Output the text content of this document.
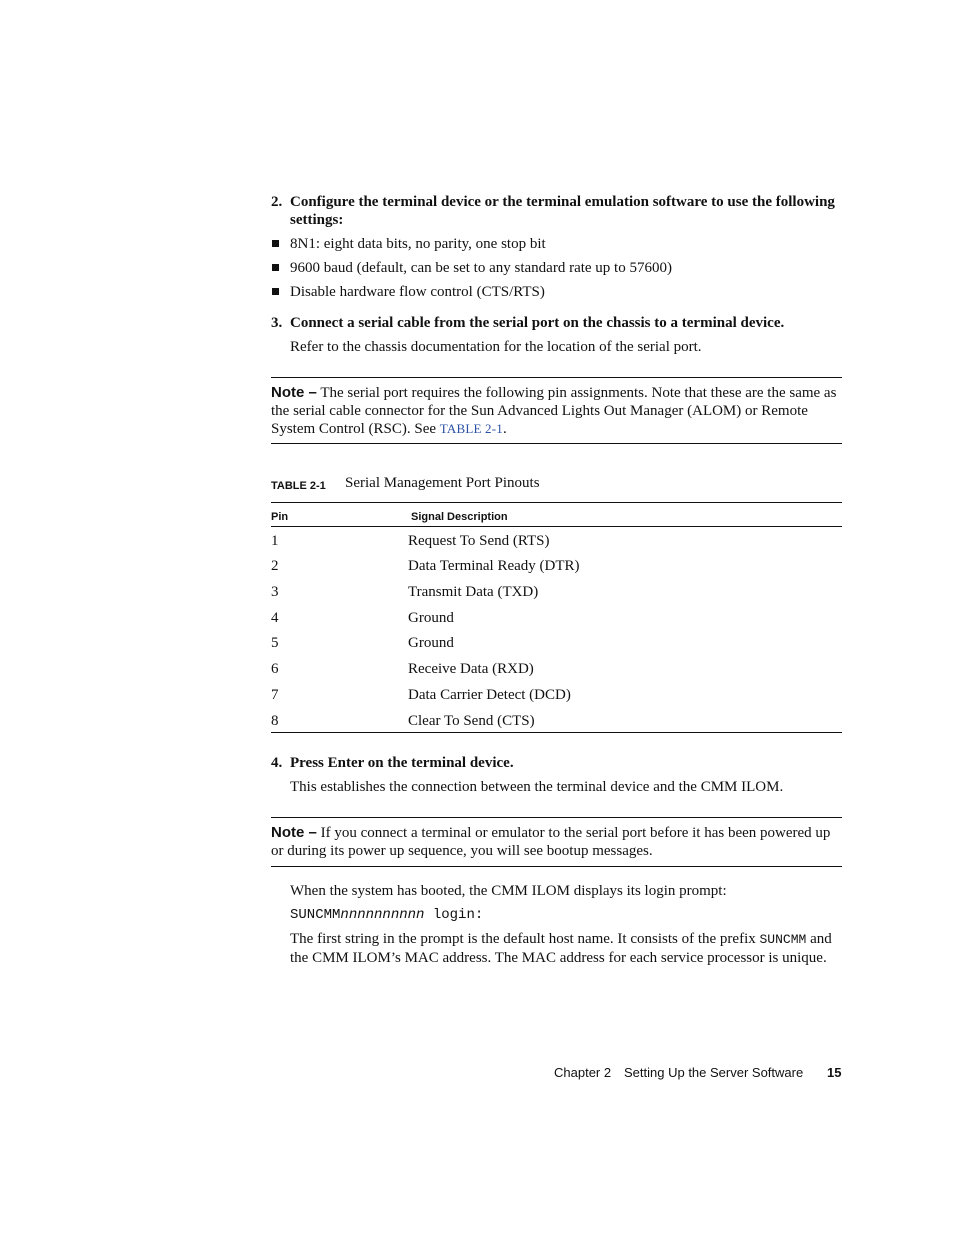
2. Configure the terminal device or the terminal emulation software to use the following settings:
8N1: eight data bits, no parity, one stop bit
9600 baud (default, can be set to any standard rate up to 57600)
Disable hardware flow control (CTS/RTS)
3. Connect a serial cable from the serial port on the chassis to a terminal device.
Refer to the chassis documentation for the location of the serial port.
Note – The serial port requires the following pin assignments. Note that these are the same as the serial cable connector for the Sun Advanced Lights Out Manager (ALOM) or Remote System Control (RSC). See TABLE 2-1.
TABLE 2-1 Serial Management Port Pinouts
Pin	Signal Description
1	Request To Send (RTS)
2	Data Terminal Ready (DTR)
3	Transmit Data (TXD)
4	Ground
5	Ground
6	Receive Data (RXD)
7	Data Carrier Detect (DCD)
8	Clear To Send (CTS)
4. Press Enter on the terminal device.
This establishes the connection between the terminal device and the CMM ILOM.
Note – If you connect a terminal or emulator to the serial port before it has been powered up or during its power up sequence, you will see bootup messages.
When the system has booted, the CMM ILOM displays its login prompt:
SUNCMMnnnnnnnnnn login:
The first string in the prompt is the default host name. It consists of the prefix SUNCMM and the CMM ILOM’s MAC address. The MAC address for each service processor is unique.
Chapter 2 Setting Up the Server Software 15
